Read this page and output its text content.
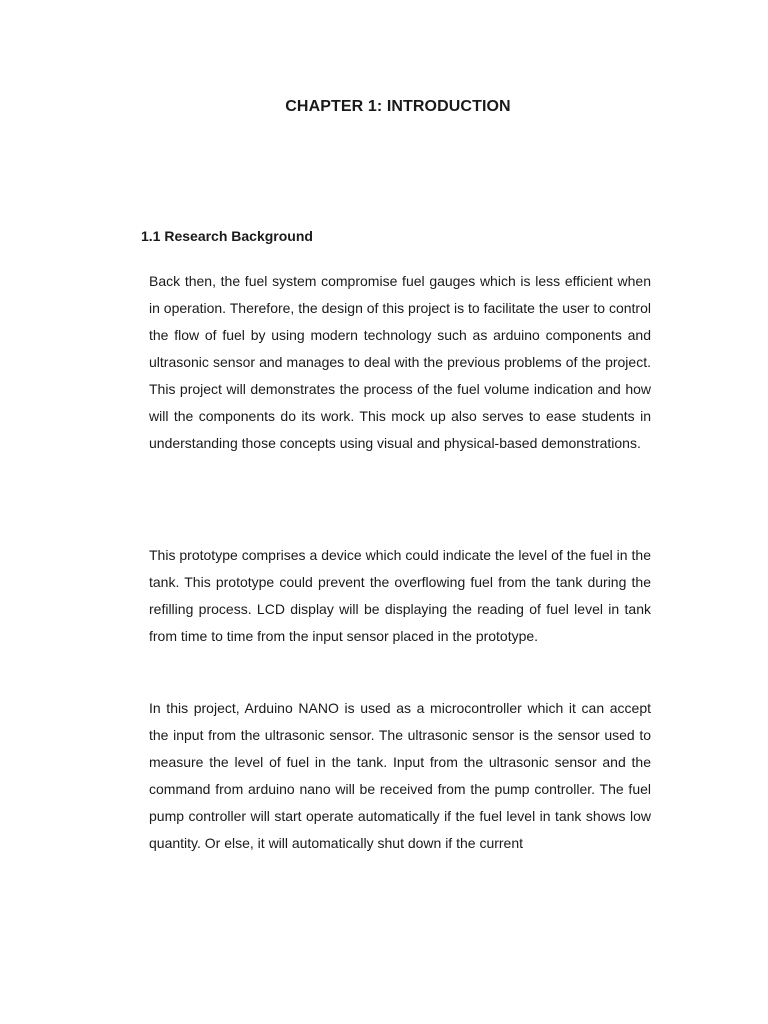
CHAPTER 1: INTRODUCTION
1.1 Research Background

Back then, the fuel system compromise fuel gauges which is less efficient when in operation. Therefore, the design of this project is to facilitate the user to control the flow of fuel by using modern technology such as arduino components and ultrasonic sensor and manages to deal with the previous problems of the project. This project will demonstrates the process of the fuel volume indication and how will the components do its work. This mock up also serves to ease students in understanding those concepts using visual and physical-based demonstrations.

This prototype comprises a device which could indicate the level of the fuel in the tank. This prototype could prevent the overflowing fuel from the tank during the refilling process. LCD display will be displaying the reading of fuel level in tank from time to time from the input sensor placed in the prototype.

In this project, Arduino NANO is used as a microcontroller which it can accept the input from the ultrasonic sensor. The ultrasonic sensor is the sensor used to measure the level of fuel in the tank. Input from the ultrasonic sensor and the command from arduino nano will be received from the pump controller. The fuel pump controller will start operate automatically if the fuel level in tank shows low quantity. Or else, it will automatically shut down if the current
